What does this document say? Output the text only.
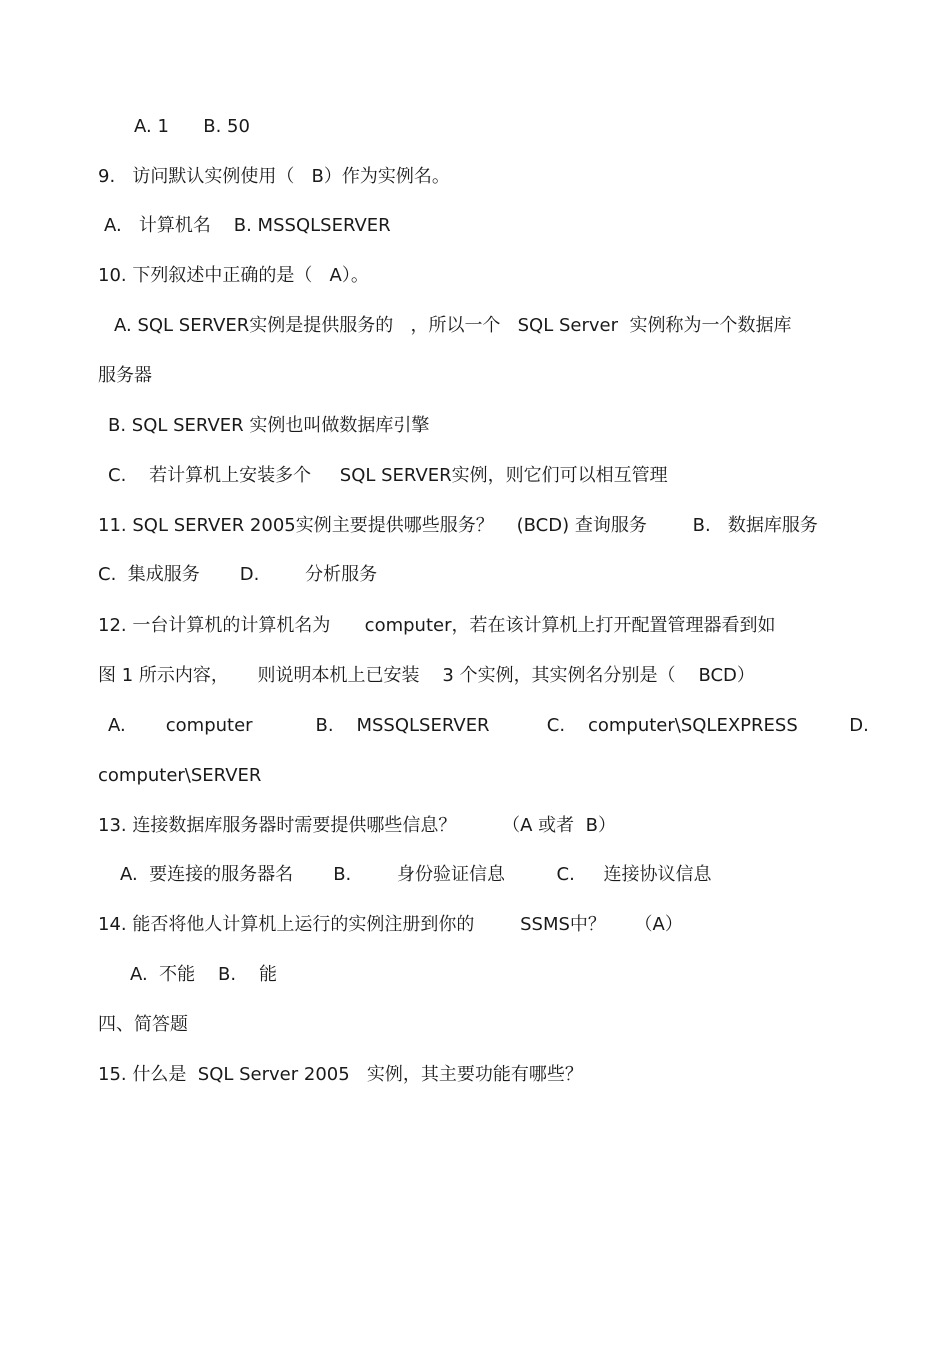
A. 1      B. 50
9.   访问默认实例使用（   B）作为实例名。
A.   计算机名    B. MSSQLSERVER
10. 下列叙述中正确的是（   A）。
A. SQL SERVER实例是提供服务的   ，所以一个   SQL Server  实例称为一个数据库
服务器
B. SQL SERVER 实例也叫做数据库引擎
C.    若计算机上安装多个     SQL SERVER实例，则它们可以相互管理
11. SQL SERVER 2005实例主要提供哪些服务？    (BCD) 查询服务        B.   数据库服务
C.  集成服务       D.        分析服务
12. 一台计算机的计算机名为      computer，若在该计算机上打开配置管理器看到如
图 1 所示内容，     则说明本机上已安装    3 个实例，其实例名分别是（    BCD）
A.       computer           B.    MSSQLSERVER          C.    computer\SQLEXPRESS         D.
computer\SERVER
13. 连接数据库服务器时需要提供哪些信息？        （A 或者  B）
A.  要连接的服务器名       B.        身份验证信息         C.     连接协议信息
14. 能否将他人计算机上运行的实例注册到你的        SSMS中？     （A）
A.  不能    B.    能
四、简答题
15. 什么是  SQL Server 2005   实例，其主要功能有哪些？
